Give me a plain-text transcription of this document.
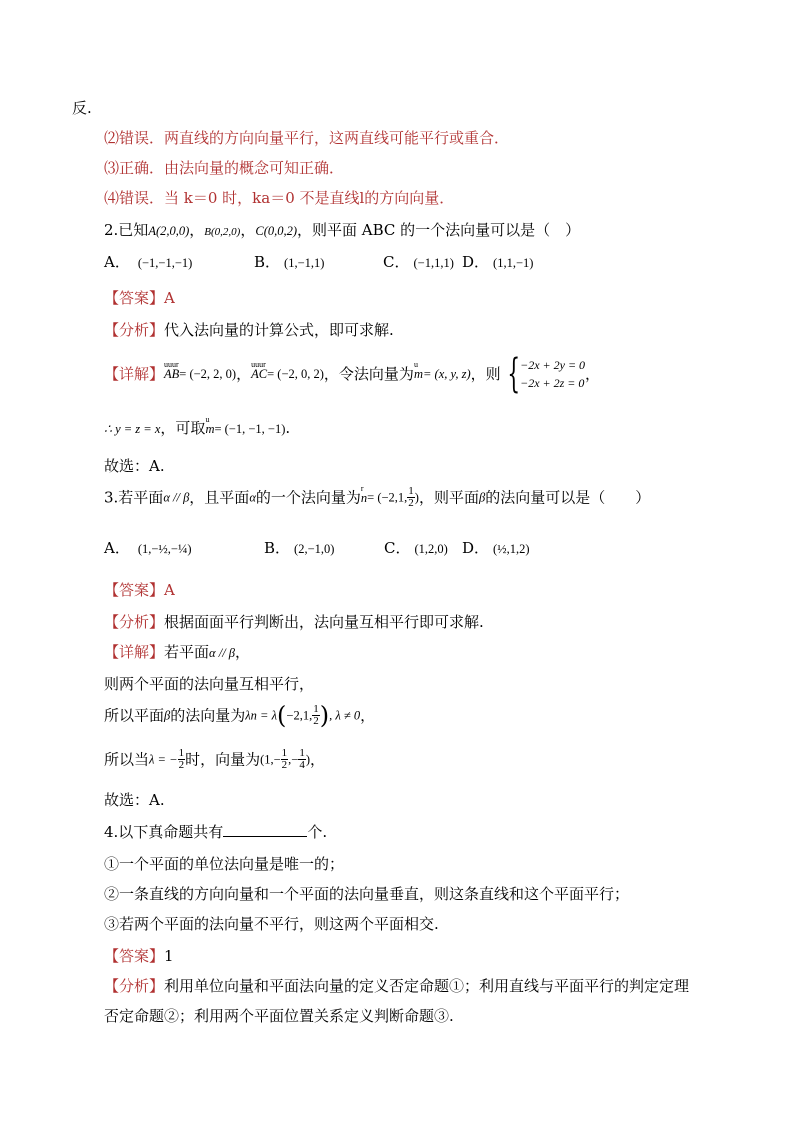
反.
⑵错误．两直线的方向向量平行，这两直线可能平行或重合．
⑶正确．由法向量的概念可知正确．
⑷错误．当 k＝0 时，ka＝0 不是直线l的方向向量．
2.已知A(2,0,0)，B(0,2,0)，C(0,0,2)，则平面 ABC 的一个法向量可以是（　）
A． (−1,−1,−1)	B． (1,−1,1)	C． (−1,1,1) D． (1,1,−1)
【答案】A
【分析】代入法向量的计算公式，即可求解.
【详解】
uuur
AB= (−2, 2, 0)，
uuur
AC= (−2, 0, 2)，令法向量为
u
m= (x, y, z)，则 { −2x + 2y = 0
−2x + 2z = 0 ，
∴ y = z = x，可取 u
m= (−1, −1, −1).
故选：A.
3.若平面α // β，且平面α的一个法向量为
r
n= (−2,1, $\frac{1}{2}$ )，则平面β的法向量可以是（　　）
A． (1,−½,−¼)	B． (2,−1,0)	C． (1,2,0) D． (½,1,2)
【答案】A
【分析】根据面面平行判断出，法向量互相平行即可求解.
【详解】若平面α // β，
则两个平面的法向量互相平行，
所以平面β的法向量为λn = λ(−2,1, $\frac{1}{2}$ ), λ ≠ 0，
所以当λ = − $\frac{1}{2}$ 时，向量为($1,- \frac{1}{2}$ ,− $\frac{1}{4}$ )，
故选：A.
4.以下真命题共有	个.
①一个平面的单位法向量是唯一的；
②一条直线的方向向量和一个平面的法向量垂直，则这条直线和这个平面平行；
③若两个平面的法向量不平行，则这两个平面相交.
【答案】1
【分析】利用单位向量和平面法向量的定义否定命题①；利用直线与平面平行的判定定理
否定命题②；利用两个平面位置关系定义判断命题③.
